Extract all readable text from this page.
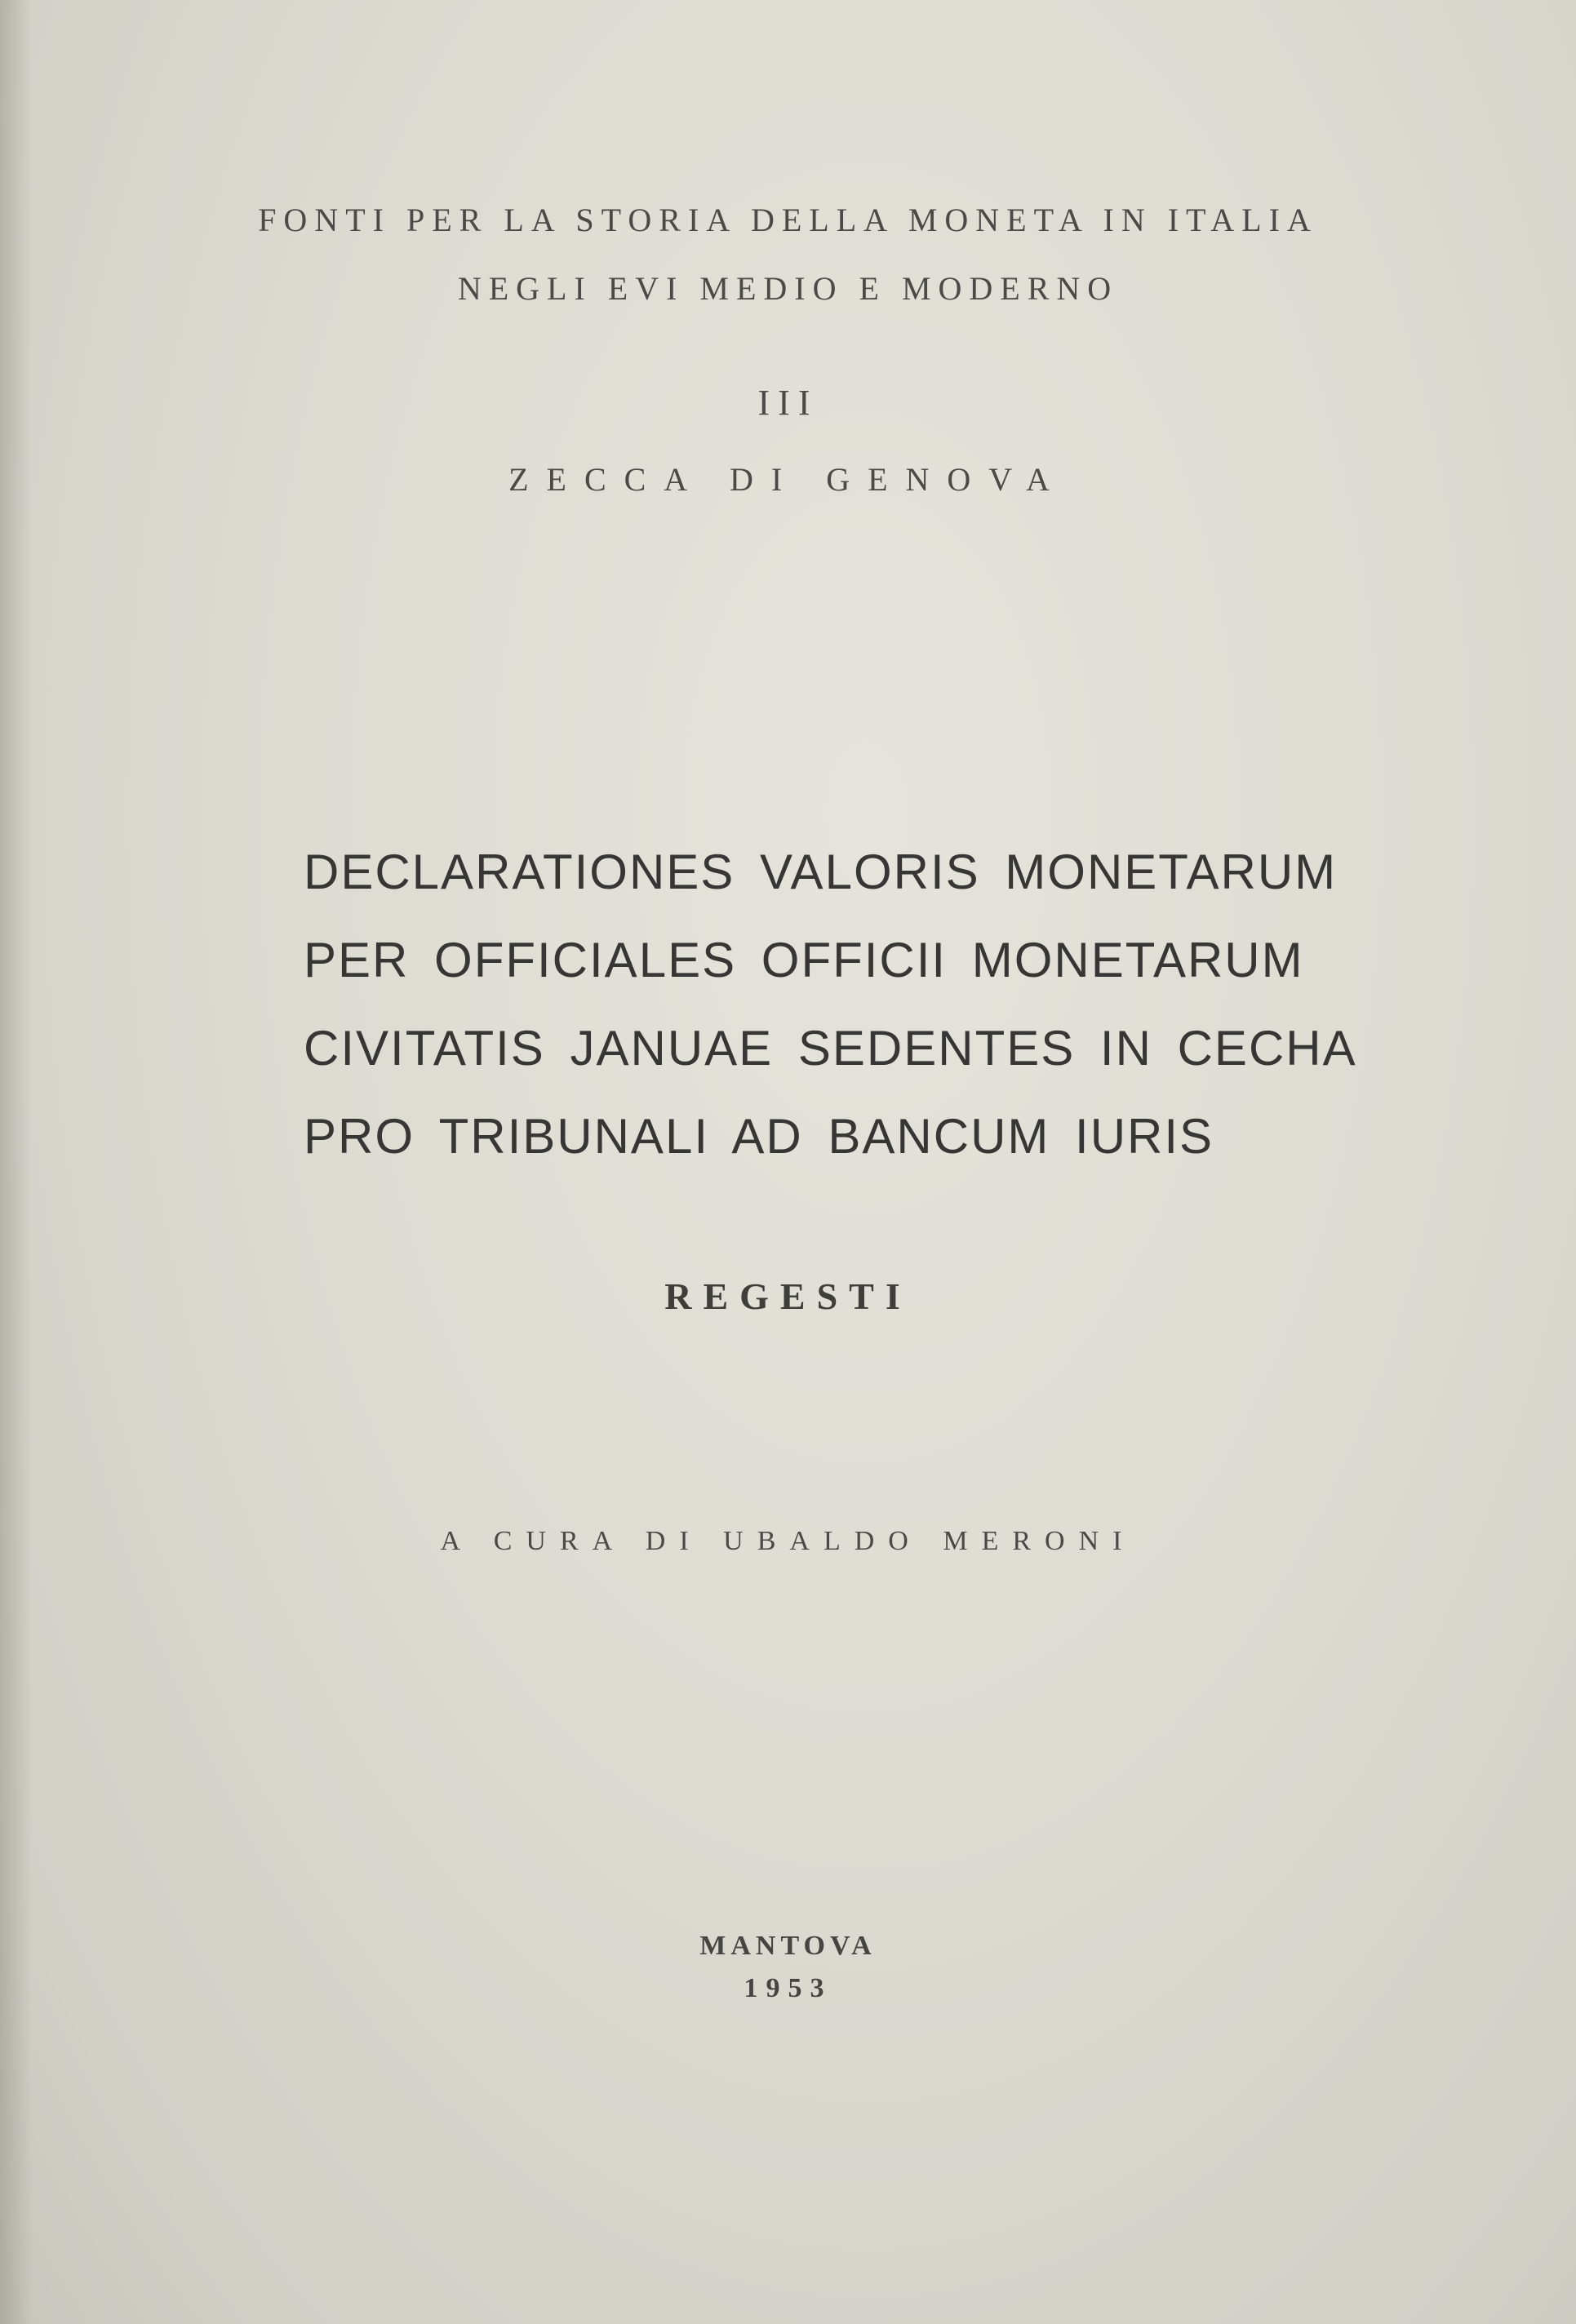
FONTI PER LA STORIA DELLA MONETA IN ITALIA
NEGLI EVI MEDIO E MODERNO
III
ZECCA DI GENOVA
DECLARATIONES VALORIS MONETARUM
PER OFFICIALES OFFICII MONETARUM
CIVITATIS JANUAE SEDENTES IN CECHA
PRO TRIBUNALI AD BANCUM IURIS
REGESTI
A CURA DI UBALDO MERONI
MANTOVA
1953
